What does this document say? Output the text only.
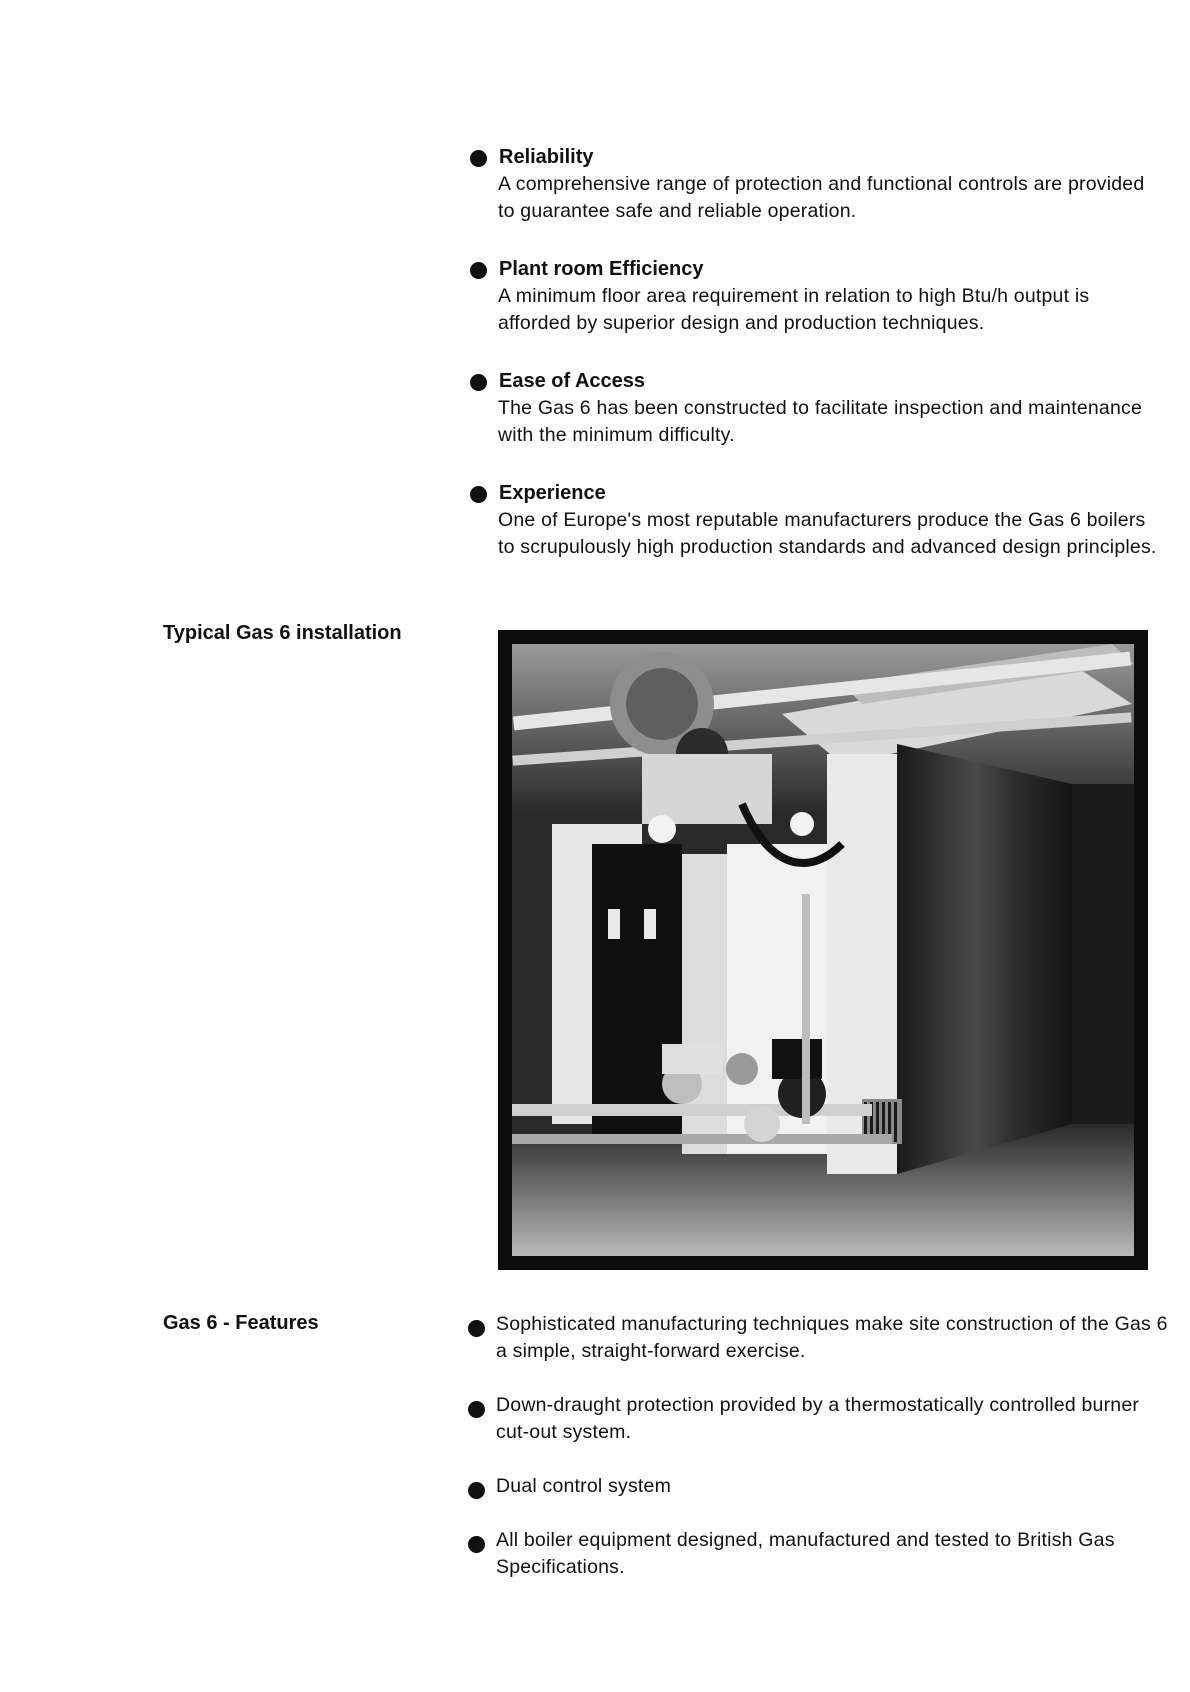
Reliability
A comprehensive range of protection and functional controls are provided to guarantee safe and reliable operation.
Plant room Efficiency
A minimum floor area requirement in relation to high Btu/h output is afforded by superior design and production techniques.
Ease of Access
The Gas 6 has been constructed to facilitate inspection and maintenance with the minimum difficulty.
Experience
One of Europe's most reputable manufacturers produce the Gas 6 boilers to scrupulously high production standards and advanced design principles.
Typical Gas 6 installation
Gas 6 - Features	Sophisticated manufacturing techniques make site construction of the Gas 6 a simple, straight-forward exercise.
Down-draught protection provided by a thermostatically controlled burner cut-out system.
Dual control system
All boiler equipment designed, manufactured and tested to British Gas Specifications.
